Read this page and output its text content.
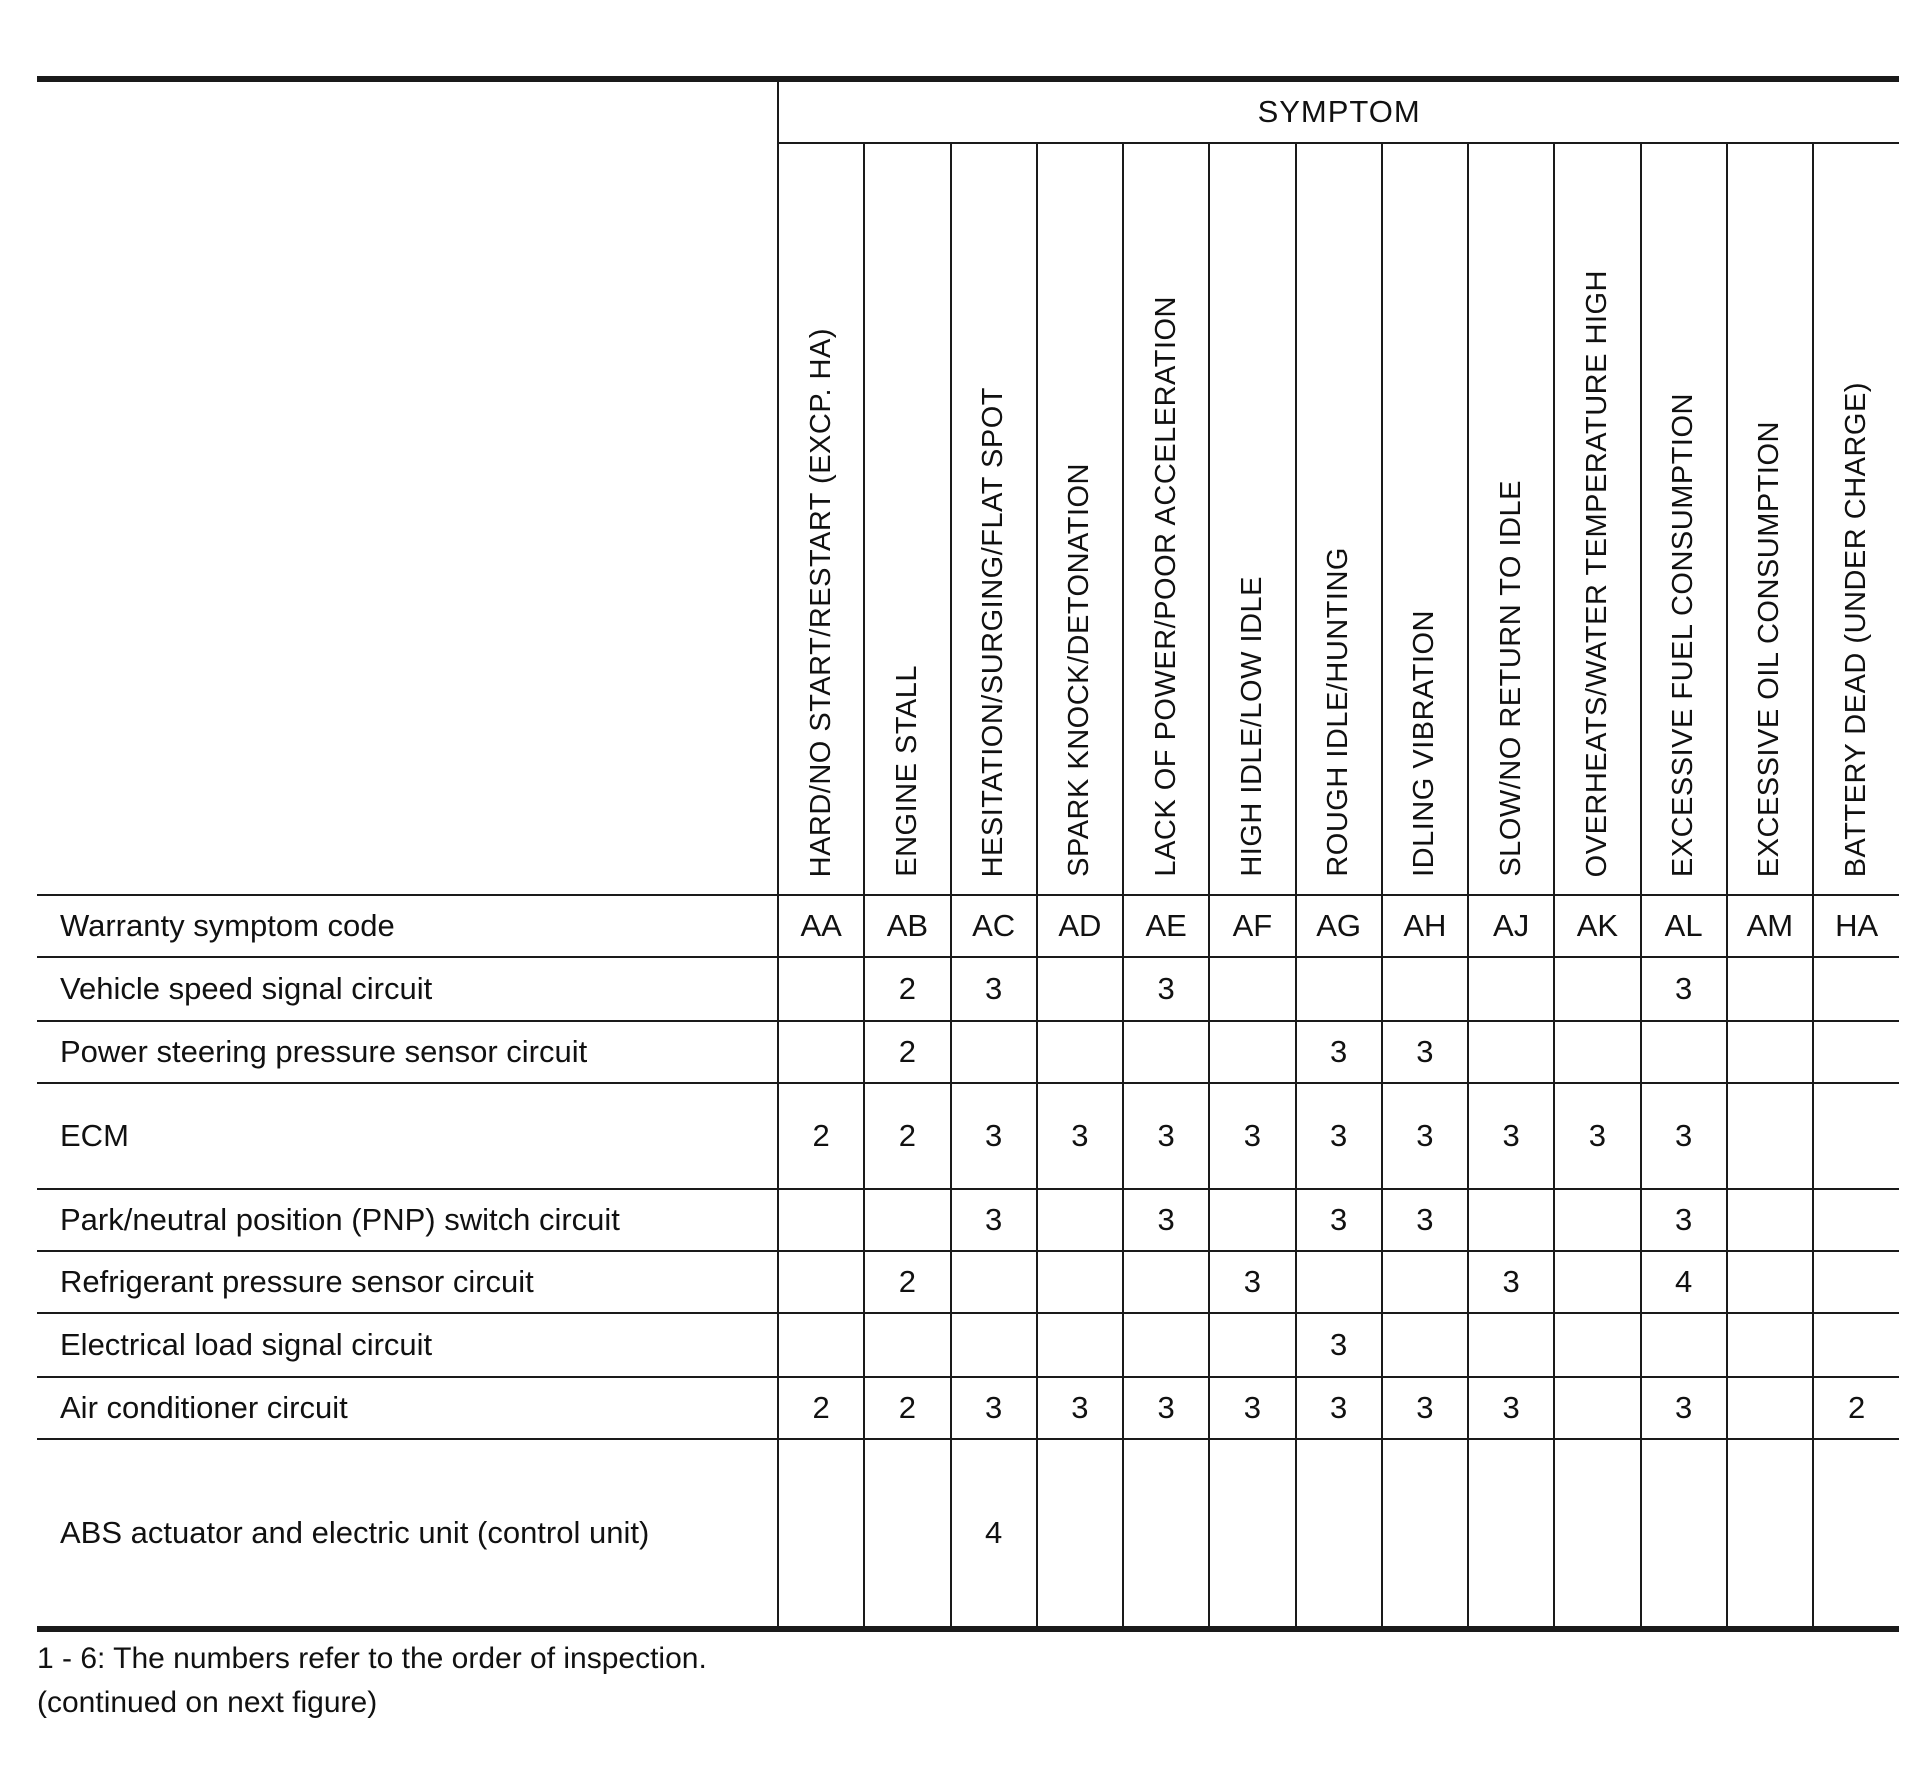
	SYMPTOM												
	HARD/NO START/RESTART (EXCP. HA)	ENGINE STALL	HESITATION/SURGING/FLAT SPOT	SPARK KNOCK/DETONATION	LACK OF POWER/POOR ACCELERATION	HIGH IDLE/LOW IDLE	ROUGH IDLE/HUNTING	IDLING VIBRATION	SLOW/NO RETURN TO IDLE	OVERHEATS/WATER TEMPERATURE HIGH	EXCESSIVE FUEL CONSUMPTION	EXCESSIVE OIL CONSUMPTION	BATTERY DEAD (UNDER CHARGE)
Warranty symptom code	AA	AB	AC	AD	AE	AF	AG	AH	AJ	AK	AL	AM	HA
Vehicle speed signal circuit		2	3		3						3		
Power steering pressure sensor circuit		2					3	3					
ECM	2	2	3	3	3	3	3	3	3	3	3		
Park/neutral position (PNP) switch circuit			3		3		3	3			3		
Refrigerant pressure sensor circuit		2				3			3		4		
Electrical load signal circuit							3						
Air conditioner circuit	2	2	3	3	3	3	3	3	3		3		2
ABS actuator and electric unit (control unit)			4										
1 - 6: The numbers refer to the order of inspection.
(continued on next figure)
